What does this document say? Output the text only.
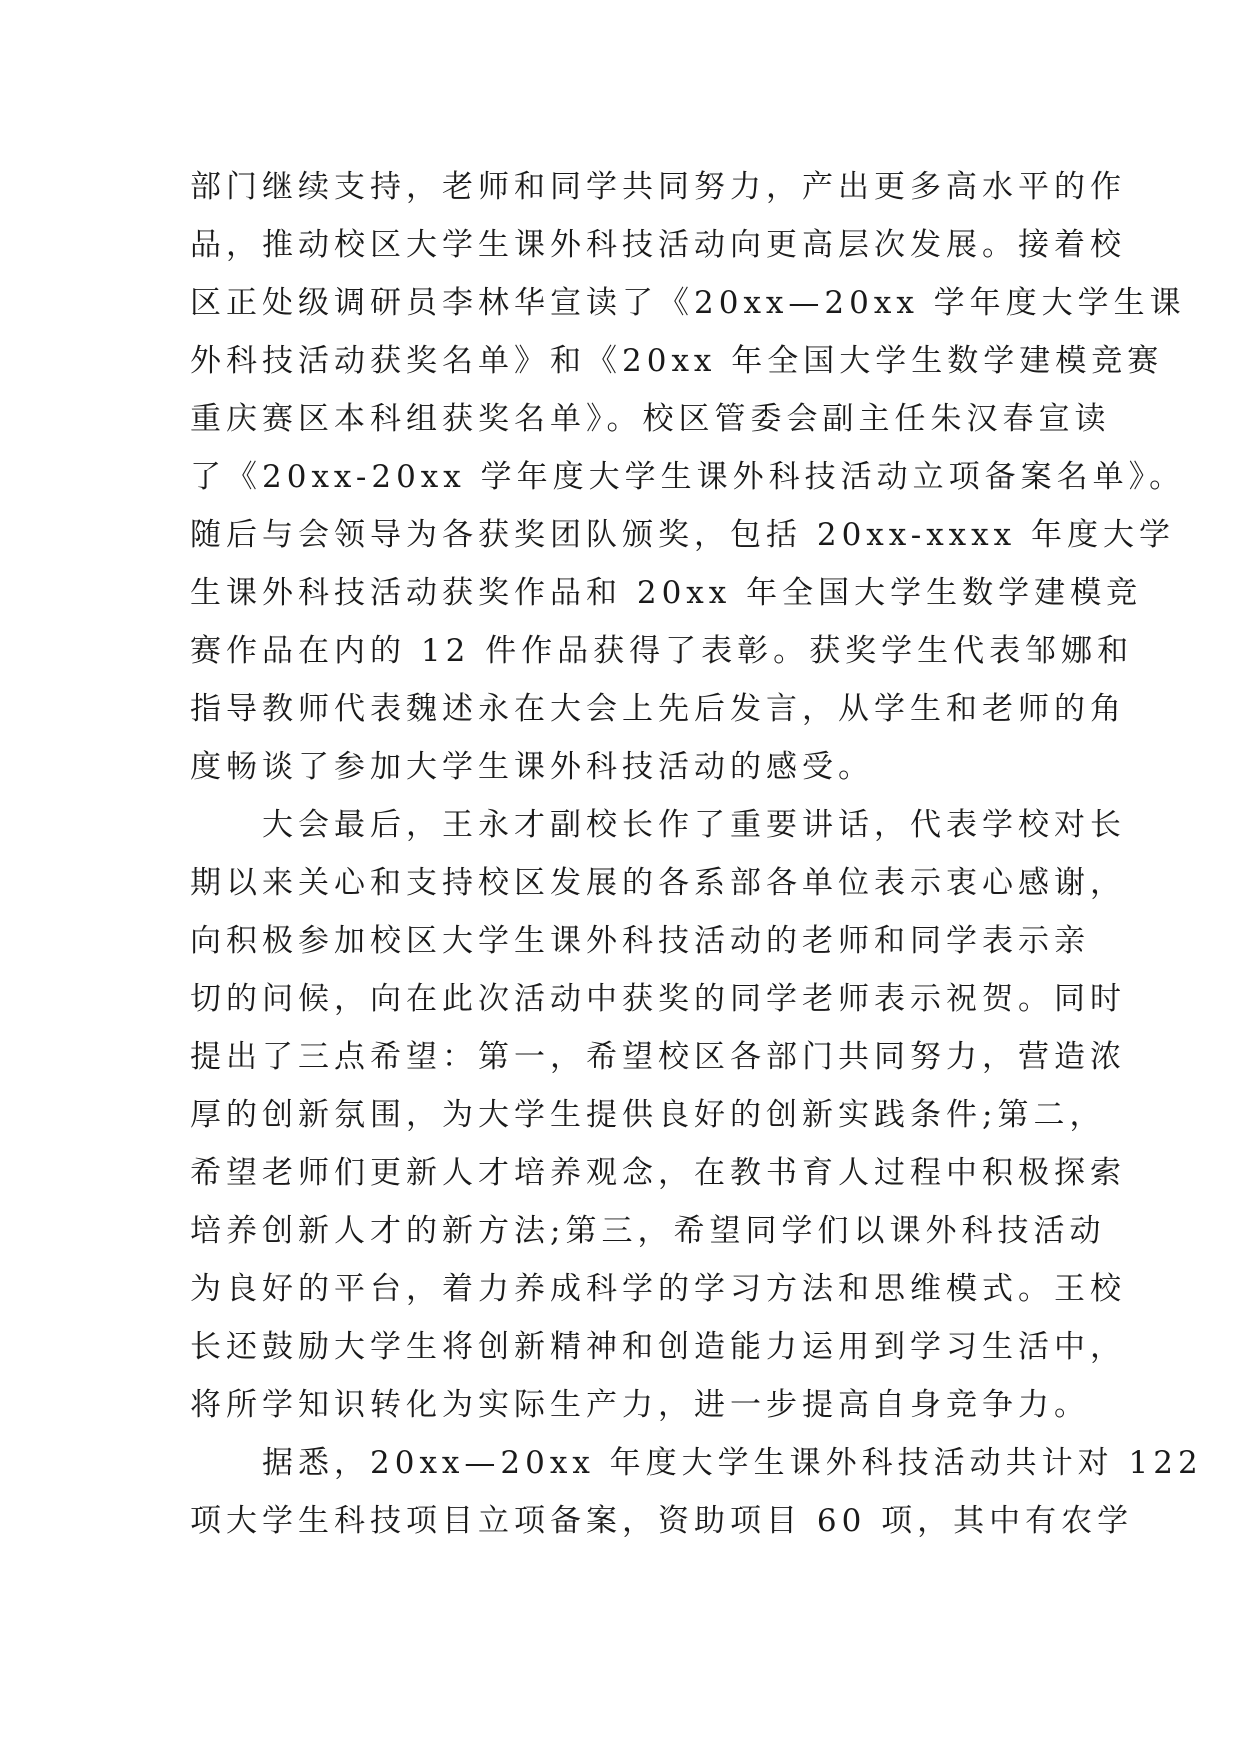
部门继续支持，老师和同学共同努力，产出更多高水平的作

品，推动校区大学生课外科技活动向更高层次发展。接着校

区正处级调研员李林华宣读了《20xx—20xx 学年度大学生课

外科技活动获奖名单》和《20xx 年全国大学生数学建模竞赛

重庆赛区本科组获奖名单》。校区管委会副主任朱汉春宣读

了《20xx-20xx 学年度大学生课外科技活动立项备案名单》。

随后与会领导为各获奖团队颁奖，包括 20xx-xxxx 年度大学

生课外科技活动获奖作品和 20xx 年全国大学生数学建模竞

赛作品在内的 12 件作品获得了表彰。获奖学生代表邹娜和

指导教师代表魏述永在大会上先后发言，从学生和老师的角

度畅谈了参加大学生课外科技活动的感受。

　　大会最后，王永才副校长作了重要讲话，代表学校对长

期以来关心和支持校区发展的各系部各单位表示衷心感谢，

向积极参加校区大学生课外科技活动的老师和同学表示亲

切的问候，向在此次活动中获奖的同学老师表示祝贺。同时

提出了三点希望：第一，希望校区各部门共同努力，营造浓

厚的创新氛围，为大学生提供良好的创新实践条件;第二，

希望老师们更新人才培养观念，在教书育人过程中积极探索

培养创新人才的新方法;第三，希望同学们以课外科技活动

为良好的平台，着力养成科学的学习方法和思维模式。王校

长还鼓励大学生将创新精神和创造能力运用到学习生活中，

将所学知识转化为实际生产力，进一步提高自身竞争力。

　　据悉，20xx—20xx 年度大学生课外科技活动共计对 122

项大学生科技项目立项备案，资助项目 60 项，其中有农学
